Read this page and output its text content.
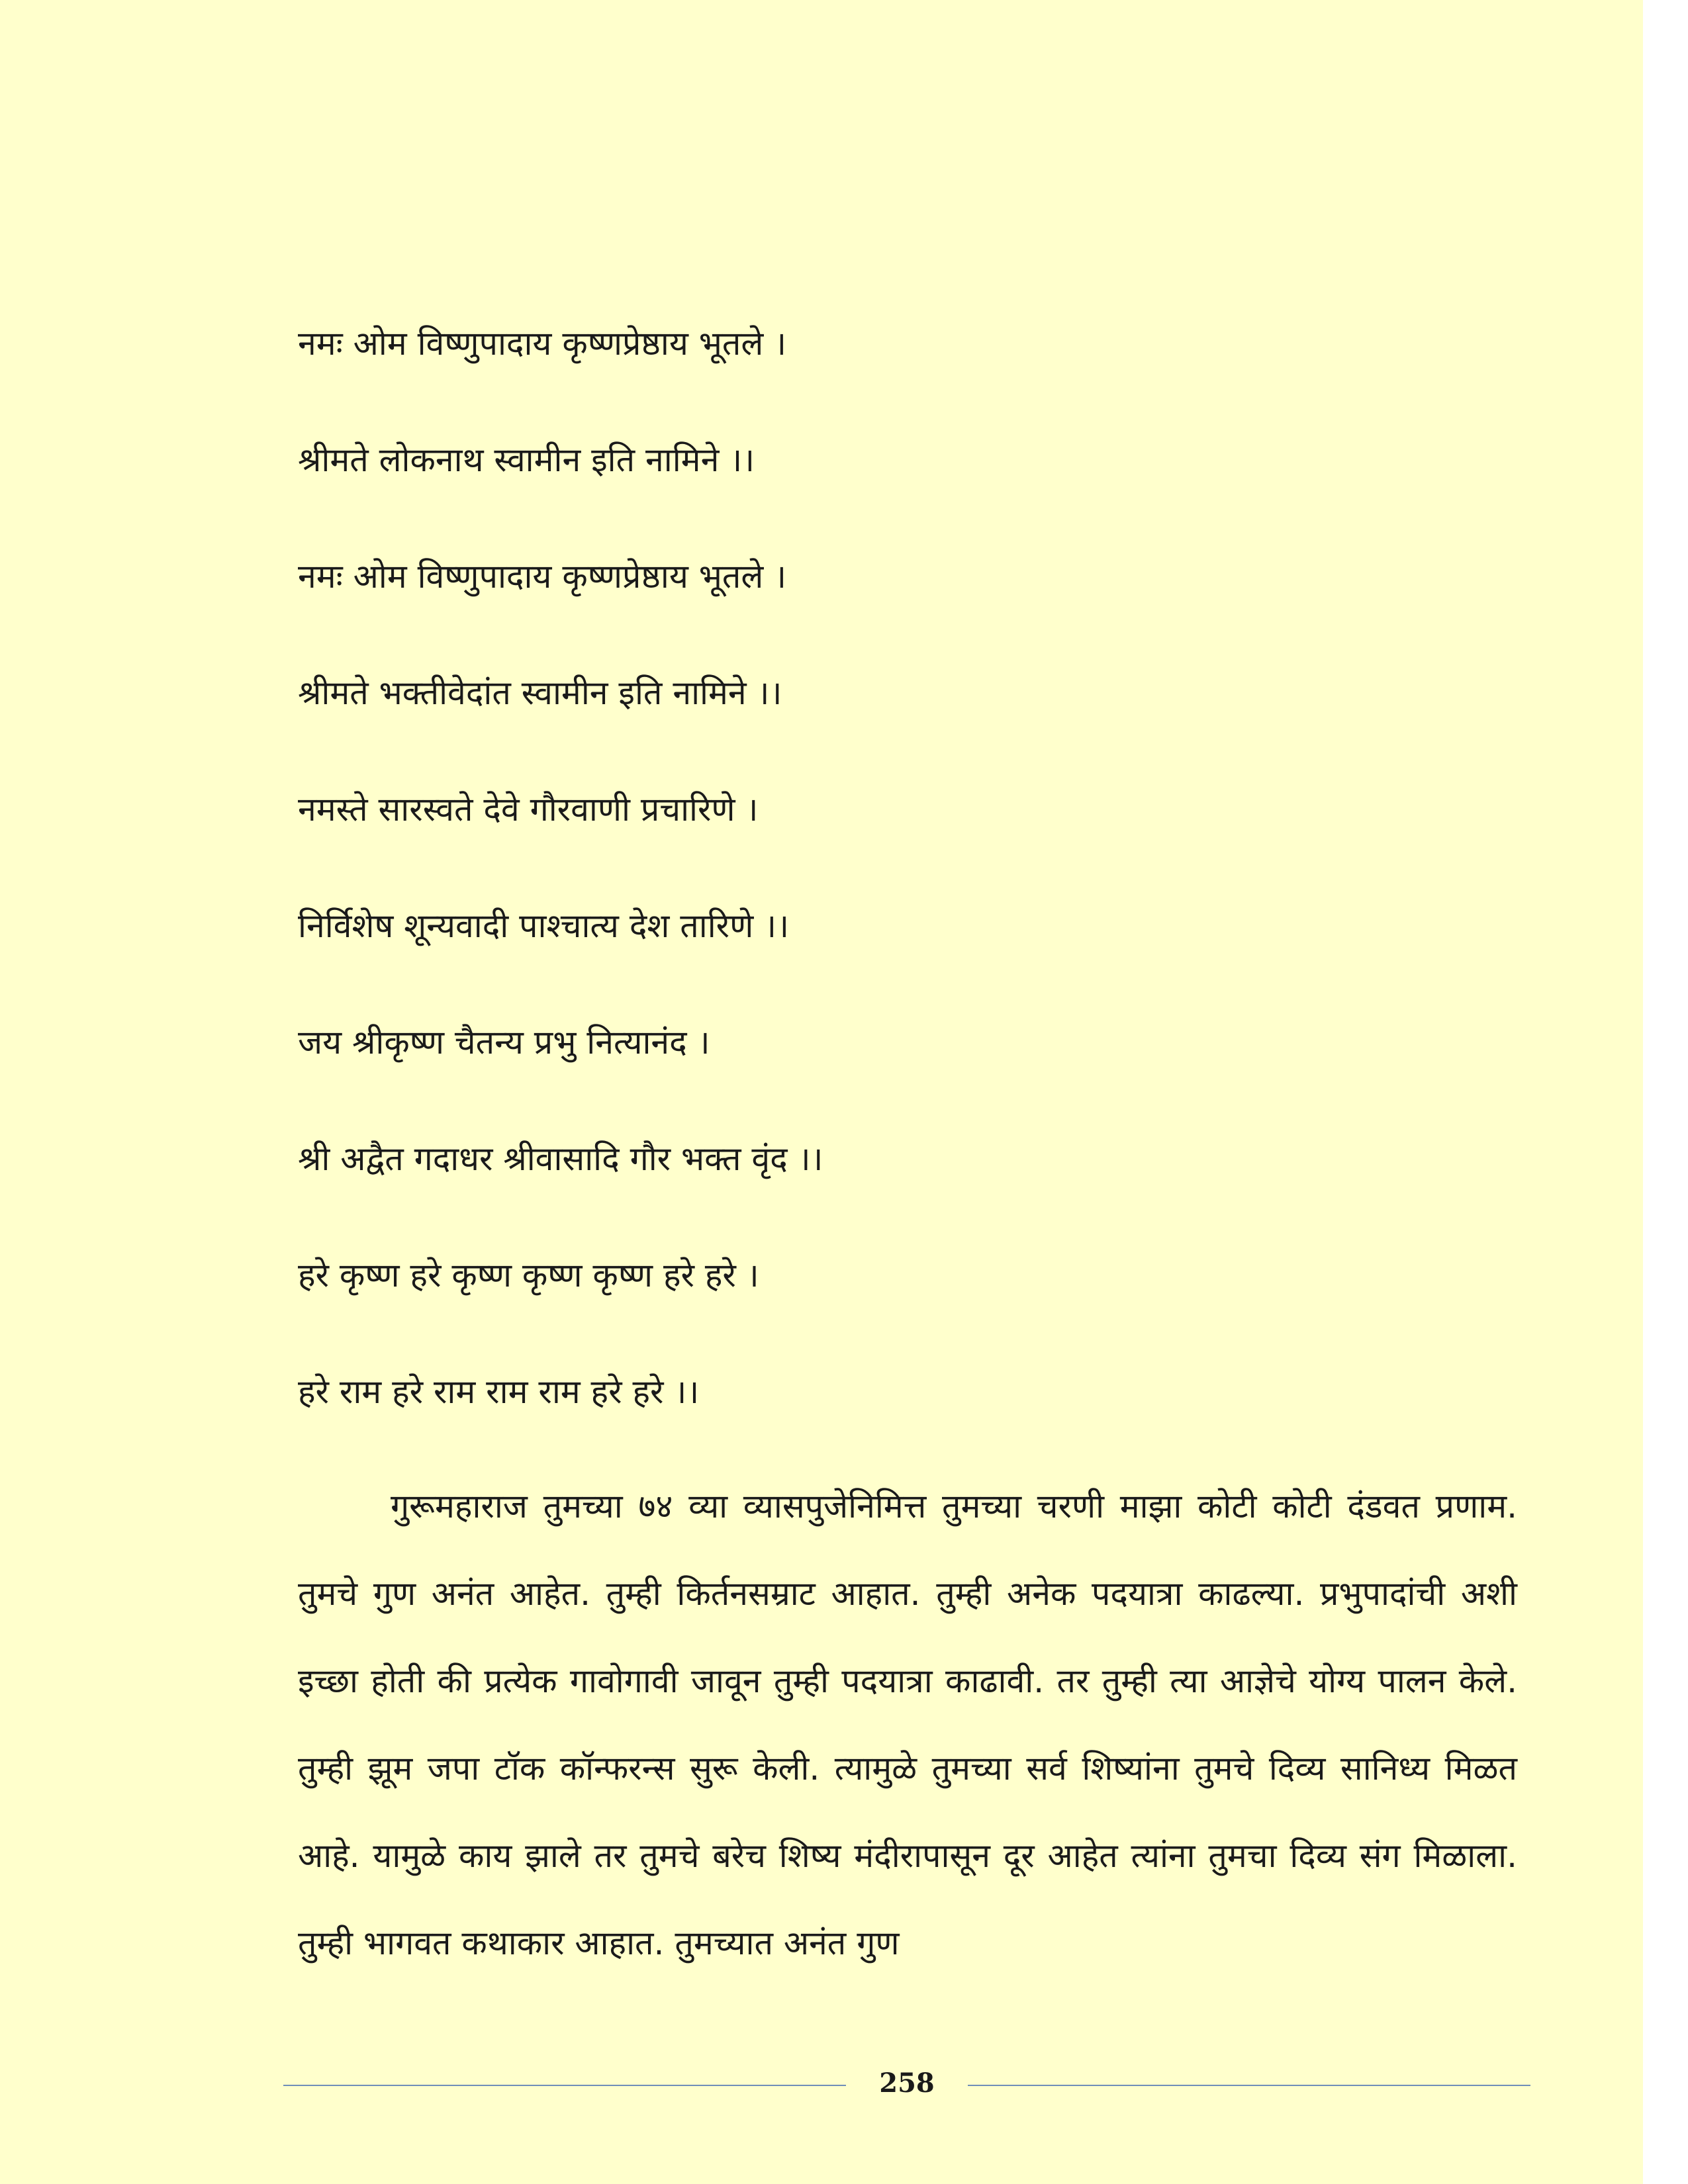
नमः ओम विष्णुपादाय कृष्णप्रेष्ठाय भूतले ।
श्रीमते लोकनाथ स्वामीन इति नामिने ।।
नमः ओम विष्णुपादाय कृष्णप्रेष्ठाय भूतले ।
श्रीमते भक्तीवेदांत स्वामीन इति नामिने ।।
नमस्ते सारस्वते देवे गौरवाणी प्रचारिणे ।
निर्विशेष शून्यवादी पाश्चात्य देश तारिणे ।।
जय श्रीकृष्ण चैतन्य प्रभु नित्यानंद ।
श्री अद्वैत गदाधर श्रीवासादि गौर भक्त वृंद ।।
हरे कृष्ण हरे कृष्ण कृष्ण कृष्ण हरे हरे ।
हरे राम हरे राम राम राम हरे हरे ।।

गुरूमहाराज तुमच्या ७४ व्या व्यासपुजेनिमित्त तुमच्या चरणी माझा कोटी कोटी दंडवत प्रणाम. तुमचे गुण अनंत आहेत. तुम्ही किर्तनसम्राट आहात. तुम्ही अनेक पदयात्रा काढल्या. प्रभुपादांची अशी इच्छा होती की प्रत्येक गावोगावी जावून तुम्ही पदयात्रा काढावी. तर तुम्ही त्या आज्ञेचे योग्य पालन केले. तुम्ही झूम जपा टॉक कॉन्फरन्स सुरू केली. त्यामुळे तुमच्या सर्व शिष्यांना तुमचे दिव्य सानिध्य मिळत आहे. यामुळे काय झाले तर तुमचे बरेच शिष्य मंदीरापासून दूर आहेत त्यांना तुमचा दिव्य संग मिळाला. तुम्ही भागवत कथाकार आहात. तुमच्यात अनंत गुण

258
